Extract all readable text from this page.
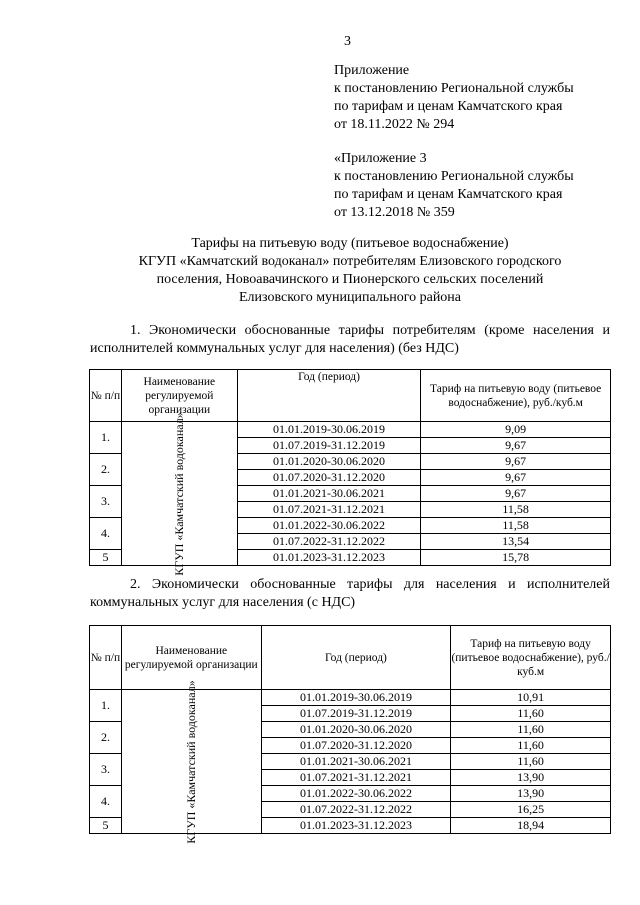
3
Приложение
к постановлению Региональной службы
по тарифам и ценам Камчатского края
от 18.11.2022 № 294
«Приложение 3
к постановлению Региональной службы
по тарифам и ценам Камчатского края
от 13.12.2018 № 359
Тарифы на питьевую воду (питьевое водоснабжение)
КГУП «Камчатский водоканал» потребителям Елизовского городского
поселения, Новоавачинского и Пионерского сельских поселений
Елизовского муниципального района
1. Экономически обоснованные тарифы потребителям (кроме населения и
исполнителей коммунальных услуг для населения) (без НДС)
№ п/п	Наименование регулируемой организации	Год (период)	Тариф на питьевую воду (питьевое водоснабжение), руб./куб.м
1.	КГУП «Камчатский водоканал»	01.01.2019-30.06.2019	9,09
		01.07.2019-31.12.2019	9,67
2.		01.01.2020-30.06.2020	9,67
		01.07.2020-31.12.2020	9,67
3.		01.01.2021-30.06.2021	9,67
		01.07.2021-31.12.2021	11,58
4.		01.01.2022-30.06.2022	11,58
		01.07.2022-31.12.2022	13,54
5		01.01.2023-31.12.2023	15,78
2. Экономически обоснованные тарифы для населения и исполнителей
коммунальных услуг для населения (с НДС)
№ п/п	Наименование регулируемой организации	Год (период)	Тариф на питьевую воду (питьевое водоснабжение), руб./куб.м
1.	КГУП «Камчатский водоканал»	01.01.2019-30.06.2019	10,91
		01.07.2019-31.12.2019	11,60
2.		01.01.2020-30.06.2020	11,60
		01.07.2020-31.12.2020	11,60
3.		01.01.2021-30.06.2021	11,60
		01.07.2021-31.12.2021	13,90
4.		01.01.2022-30.06.2022	13,90
		01.07.2022-31.12.2022	16,25
5		01.01.2023-31.12.2023	18,94
